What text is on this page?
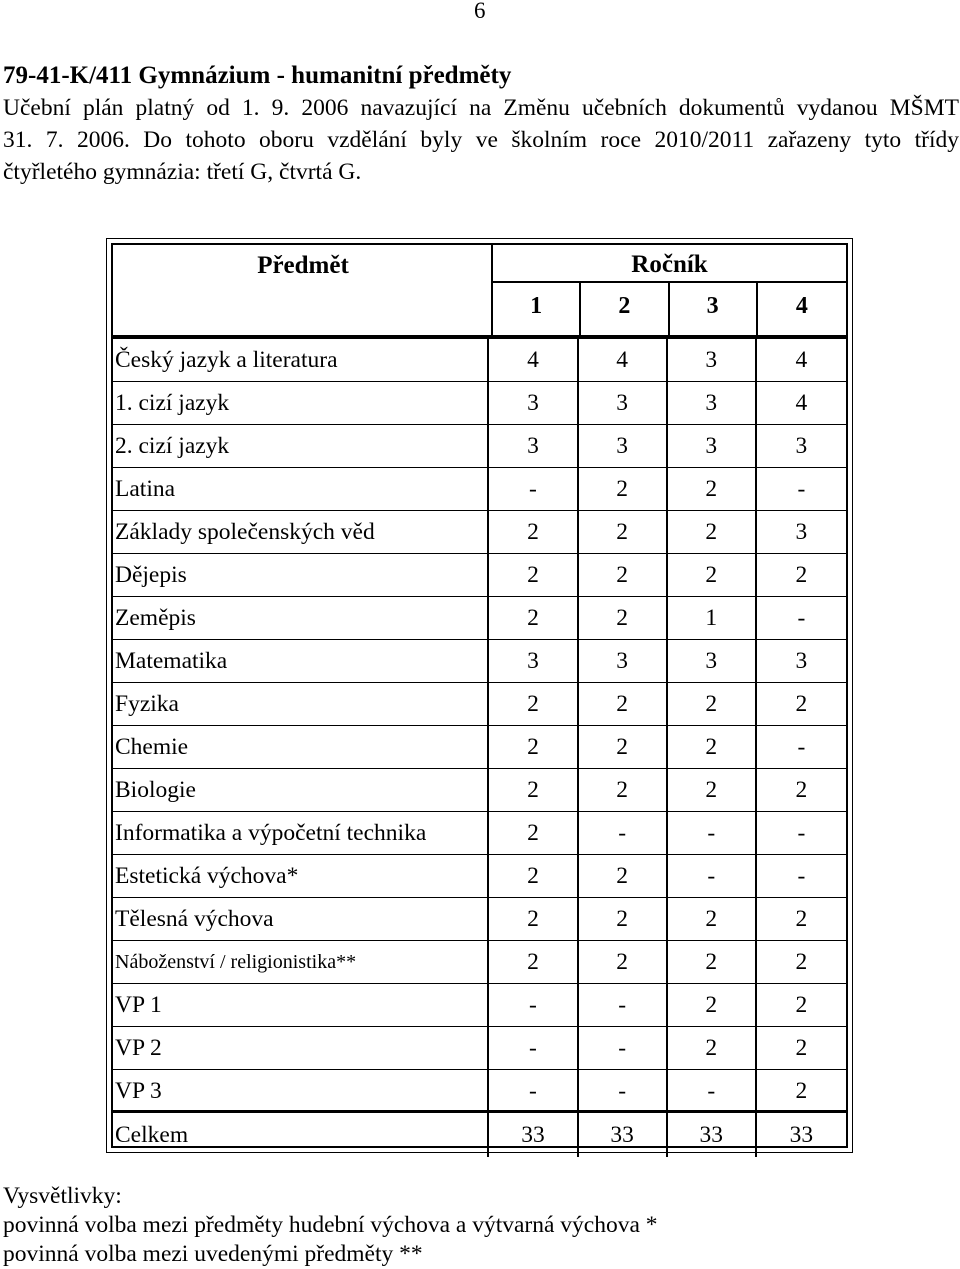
6
79-41-K/411 Gymnázium - humanitní předměty
Učební plán platný od 1. 9. 2006 navazující na Změnu učebních dokumentů vydanou MŠMT
31. 7. 2006. Do tohoto oboru vzdělání byly ve školním roce 2010/2011 zařazeny tyto třídy
čtyřletého gymnázia: třetí G, čtvrtá G.
Předmět	Ročník
1	2	3	4
Český jazyk a literatura	4	4	3	4
1. cizí jazyk	3	3	3	4
2. cizí jazyk	3	3	3	3
Latina	-	2	2	-
Základy společenských věd	2	2	2	3
Dějepis	2	2	2	2
Zeměpis	2	2	1	-
Matematika	3	3	3	3
Fyzika	2	2	2	2
Chemie	2	2	2	-
Biologie	2	2	2	2
Informatika a výpočetní technika	2	-	-	-
Estetická výchova*	2	2	-	-
Tělesná výchova	2	2	2	2
Náboženství / religionistika**	2	2	2	2
VP 1	-	-	2	2
VP 2	-	-	2	2
VP 3	-	-	-	2
Celkem	33	33	33	33
Vysvětlivky:
povinná volba mezi předměty hudební výchova a výtvarná výchova *
povinná volba mezi uvedenými předměty **
